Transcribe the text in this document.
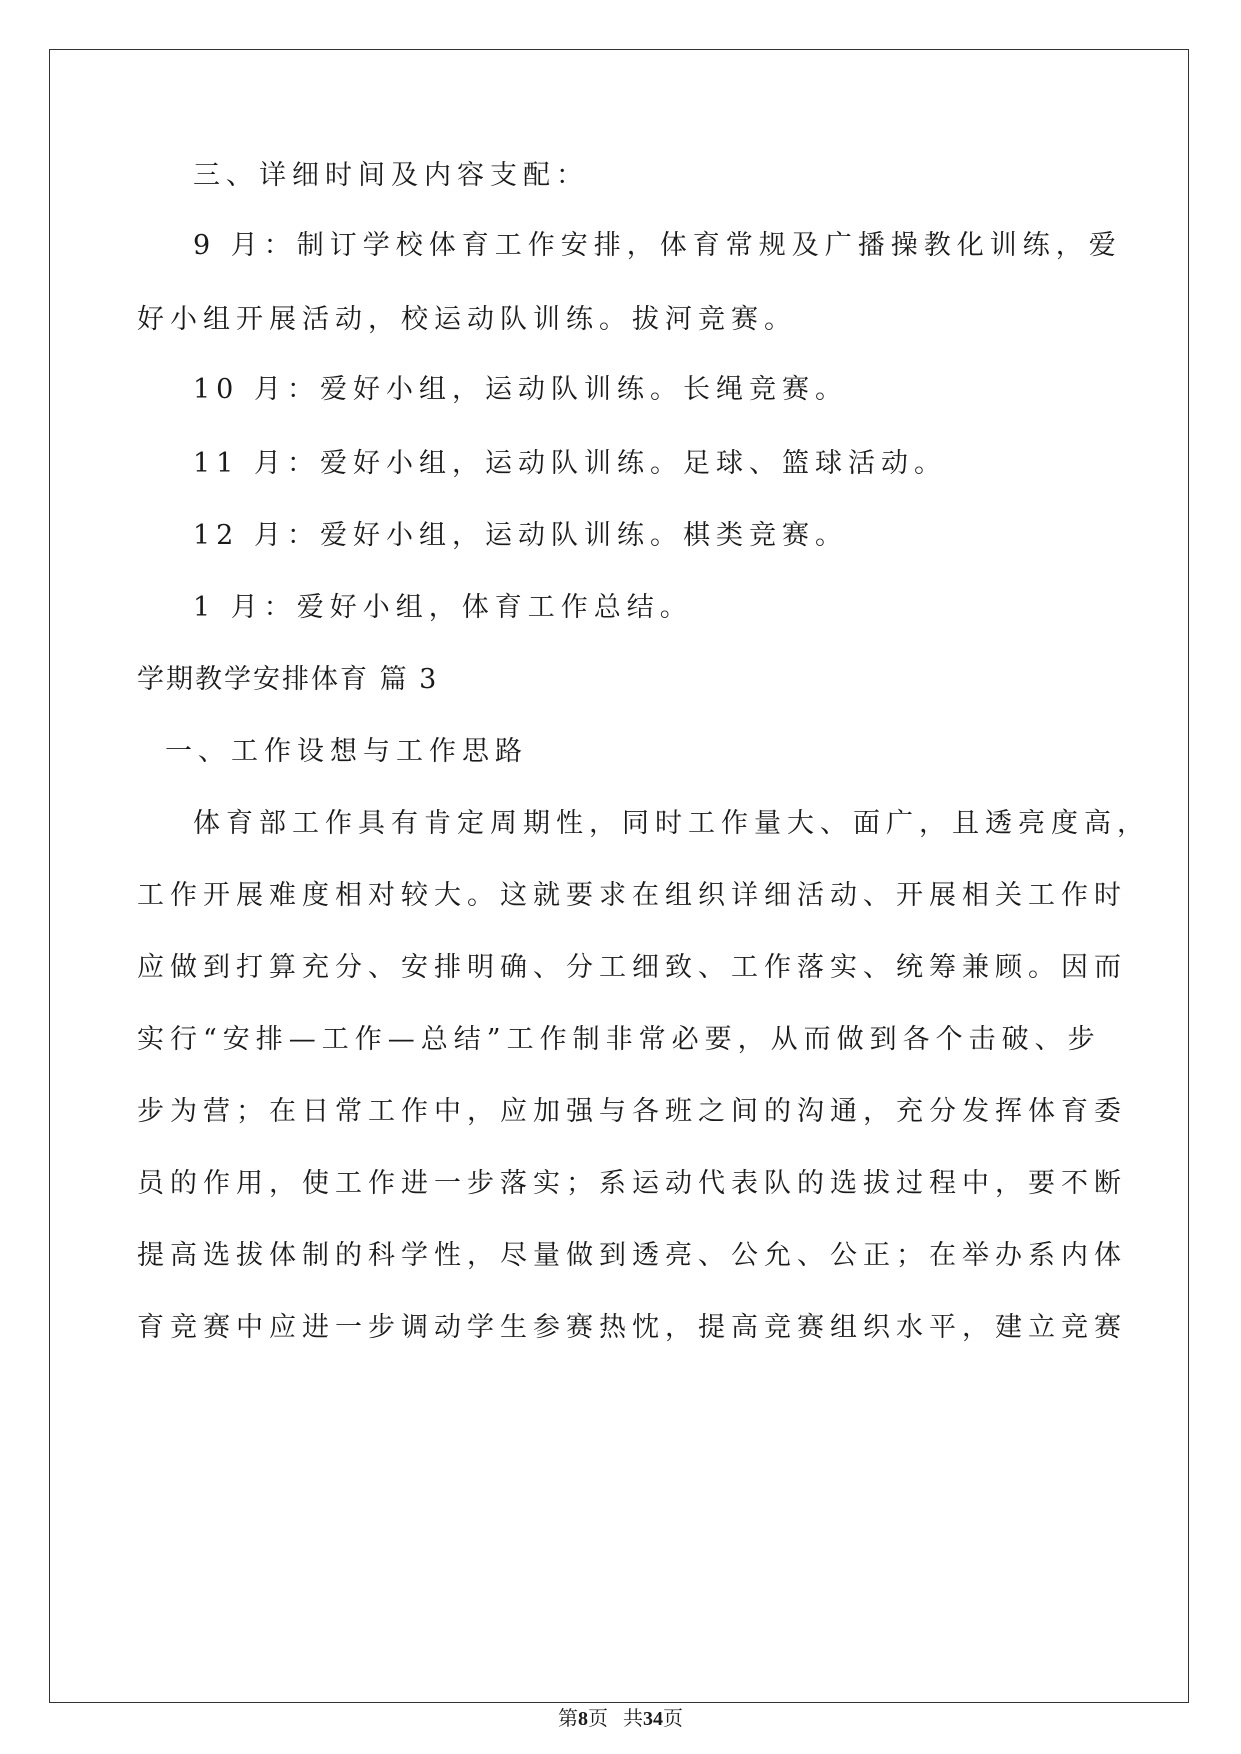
三、详细时间及内容支配：
9 月：制订学校体育工作安排，体育常规及广播操教化训练，爱
好小组开展活动，校运动队训练。拔河竞赛。
10 月：爱好小组，运动队训练。长绳竞赛。
11 月：爱好小组，运动队训练。足球、篮球活动。
12 月：爱好小组，运动队训练。棋类竞赛。
1 月：爱好小组，体育工作总结。
学期教学安排体育 篇 3
一、工作设想与工作思路
体育部工作具有肯定周期性，同时工作量大、面广，且透亮度高，
工作开展难度相对较大。这就要求在组织详细活动、开展相关工作时
应做到打算充分、安排明确、分工细致、工作落实、统筹兼顾。因而
实行“安排—工作—总结”工作制非常必要，从而做到各个击破、步
步为营；在日常工作中，应加强与各班之间的沟通，充分发挥体育委
员的作用，使工作进一步落实；系运动代表队的选拔过程中，要不断
提高选拔体制的科学性，尽量做到透亮、公允、公正；在举办系内体
育竞赛中应进一步调动学生参赛热忱，提高竞赛组织水平，建立竞赛
第8页   共34页
